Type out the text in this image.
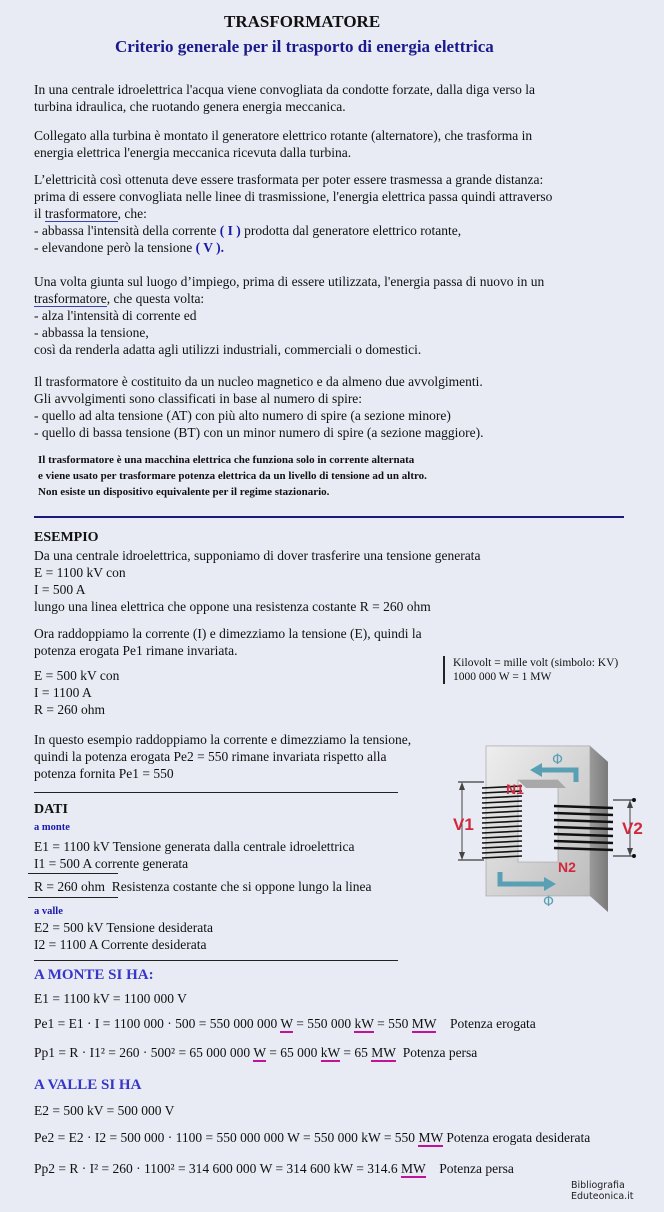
TRASFORMATORE
Criterio generale per il trasporto di energia elettrica
In una centrale idroelettrica l'acqua viene convogliata da condotte forzate, dalla diga verso la
turbina idraulica, che ruotando genera energia meccanica.
Collegato alla turbina è montato il generatore elettrico rotante (alternatore), che trasforma in
energia elettrica l'energia meccanica ricevuta dalla turbina.
L’elettricità così ottenuta deve essere trasformata per poter essere trasmessa a grande distanza:
prima di essere convogliata nelle linee di trasmissione, l'energia elettrica passa quindi attraverso
il trasformatore, che:
- abbassa l'intensità della corrente ( I ) prodotta dal generatore elettrico rotante,
- elevandone però la tensione ( V ).
Una volta giunta sul luogo d’impiego, prima di essere utilizzata, l'energia passa di nuovo in un
trasformatore, che questa volta:
- alza l'intensità di corrente ed
- abbassa la tensione,
così da renderla adatta agli utilizzi industriali, commerciali o domestici.
Il trasformatore è costituito da un nucleo magnetico e da almeno due avvolgimenti.
Gli avvolgimenti sono classificati in base al numero di spire:
- quello ad alta tensione (AT) con più alto numero di spire (a sezione minore)
- quello di bassa tensione (BT) con un minor numero di spire (a sezione maggiore).
Il trasformatore è una macchina elettrica che funziona solo in corrente alternata
e viene usato per trasformare potenza elettrica da un livello di tensione ad un altro.
Non esiste un dispositivo equivalente per il regime stazionario.
ESEMPIO
Da una centrale idroelettrica, supponiamo di dover trasferire una tensione generata
E = 1100 kV con
I = 500 A
lungo una linea elettrica che oppone una resistenza costante R = 260 ohm
Ora raddoppiamo la corrente (I) e dimezziamo la tensione (E), quindi la
potenza erogata Pe1 rimane invariata.
E = 500 kV con
I = 1100 A
R = 260 ohm
Kilovolt = mille volt (simbolo: KV)
1000 000 W = 1 MW
In questo esempio raddoppiamo la corrente e dimezziamo la tensione,
quindi la potenza erogata Pe2 = 550 rimane invariata rispetto alla
potenza fornita Pe1 = 550
V1	V2
N1
N2
Φ
Φ
DATI
a monte
E1 = 1100 kV Tensione generata dalla centrale idroelettrica
I1 = 500 A corrente generata
R = 260 ohm Resistenza costante che si oppone lungo la linea
a valle
E2 = 500 kV Tensione desiderata
I2 = 1100 A Corrente desiderata
A MONTE SI HA:
E1 = 1100 kV = 1100 000 V
Pe1 = E1 · I = 1100 000 · 500 = 550 000 000 W = 550 000 kW = 550 MW Potenza erogata
Pp1 = R · I1² = 260 · 500² = 65 000 000 W = 65 000 kW = 65 MW Potenza persa
A VALLE SI HA
E2 = 500 kV = 500 000 V
Pe2 = E2 · I2 = 500 000 · 1100 = 550 000 000 W = 550 000 kW = 550 MW Potenza erogata desiderata
Pp2 = R · I² = 260 · 1100² = 314 600 000 W = 314 600 kW = 314.6 MW Potenza persa
Bibliografia
Eduteonica.it
